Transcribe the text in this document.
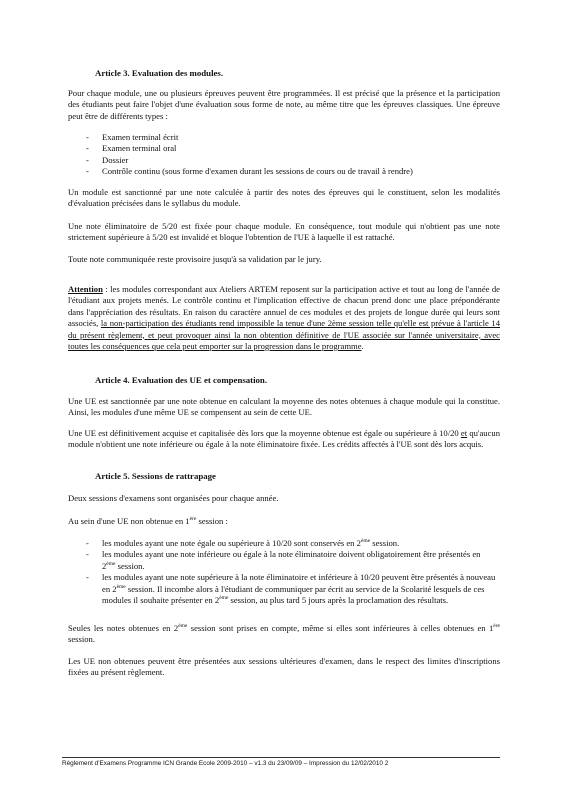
Article 3. Evaluation des modules.
Pour chaque module, une ou plusieurs épreuves peuvent être programmées. Il est précisé que la présence et la participation des étudiants peut faire l'objet d'une évaluation sous forme de note, au même titre que les épreuves classiques. Une épreuve peut être de différents types :
- Examen terminal écrit
- Examen terminal oral
- Dossier
- Contrôle continu (sous forme d'examen durant les sessions de cours ou de travail à rendre)
Un module est sanctionné par une note calculée à partir des notes des épreuves qui le constituent, selon les modalités d'évaluation précisées dans le syllabus du module.
Une note éliminatoire de 5/20 est fixée pour chaque module. En conséquence, tout module qui n'obtient pas une note strictement supérieure à 5/20 est invalidé et bloque l'obtention de l'UE à laquelle il est rattaché.
Toute note communiquée reste provisoire jusqu'à sa validation par le jury.
Attention : les modules correspondant aux Ateliers ARTEM reposent sur la participation active et tout au long de l'année de l'étudiant aux projets menés. Le contrôle continu et l'implication effective de chacun prend donc une place prépondérante dans l'appréciation des résultats. En raison du caractère annuel de ces modules et des projets de longue durée qui leurs sont associés, la non-participation des étudiants rend impossible la tenue d'une 2ème session telle qu'elle est prévue à l'article 14 du présent règlement, et peut provoquer ainsi la non obtention définitive de l'UE associée sur l'année universitaire, avec toutes les conséquences que cela peut emporter sur la progression dans le programme.
Article 4. Evaluation des UE et compensation.
Une UE est sanctionnée par une note obtenue en calculant la moyenne des notes obtenues à chaque module qui la constitue. Ainsi, les modules d'une même UE se compensent au sein de cette UE.
Une UE est définitivement acquise et capitalisée dès lors que la moyenne obtenue est égale ou supérieure à 10/20 et qu'aucun module n'obtient une note inférieure ou égale à la note éliminatoire fixée. Les crédits affectés à l'UE sont dès lors acquis.
Article 5. Sessions de rattrapage
Deux sessions d'examens sont organisées pour chaque année.
Au sein d'une UE non obtenue en 1ère session :
- les modules ayant une note égale ou supérieure à 10/20 sont conservés en 2ème session.
- les modules ayant une note inférieure ou égale à la note éliminatoire doivent obligatoirement être présentés en 2ème session.
- les modules ayant une note supérieure à la note éliminatoire et inférieure à 10/20 peuvent être présentés à nouveau en 2ème session. Il incombe alors à l'étudiant de communiquer par écrit au service de la Scolarité lesquels de ces modules il souhaite présenter en 2ème session, au plus tard 5 jours après la proclamation des résultats.
Seules les notes obtenues en 2ème session sont prises en compte, même si elles sont inférieures à celles obtenues en 1ère session.
Les UE non obtenues peuvent être présentées aux sessions ultérieures d'examen, dans le respect des limites d'inscriptions fixées au présent règlement.
Règlement d'Examens Programme ICN Grande Ecole 2009-2010 – v1.3 du 23/09/09 – Impression du 12/02/2010 2
